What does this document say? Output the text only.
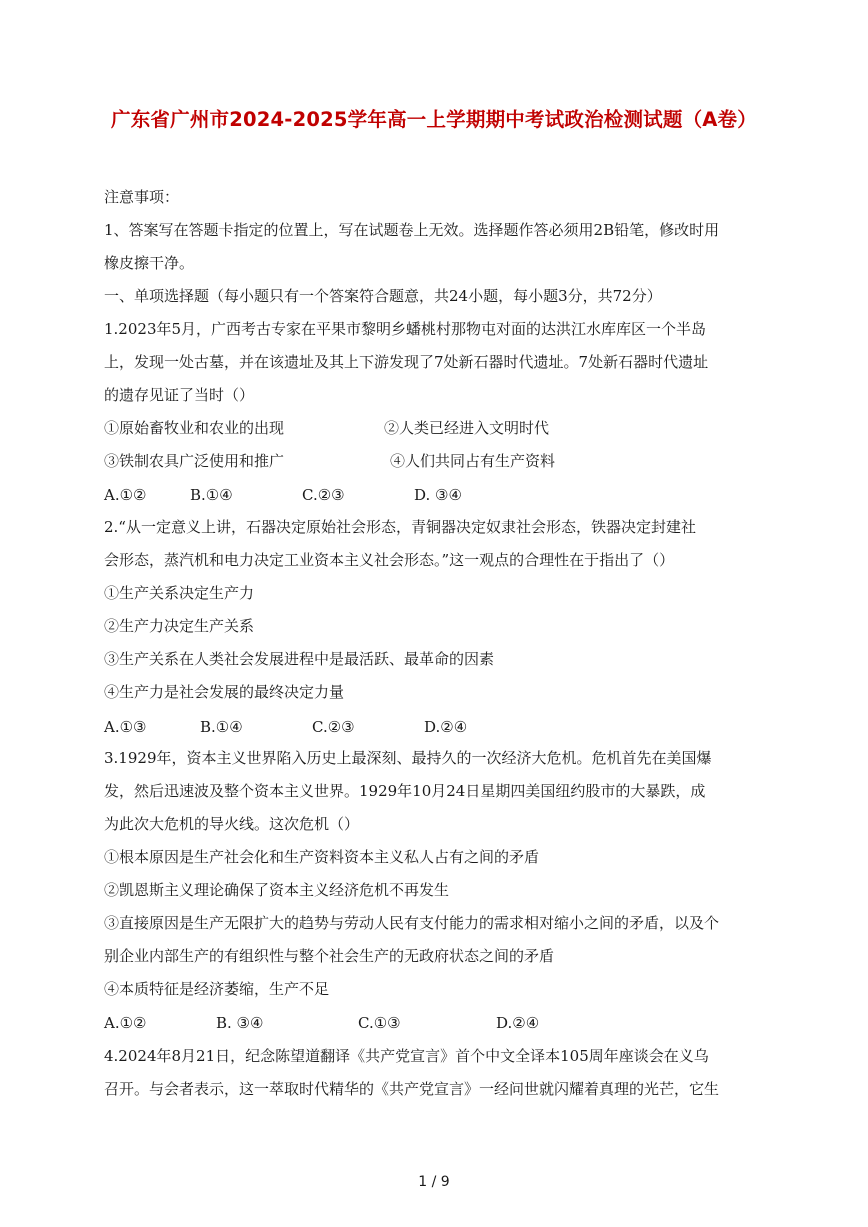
广东省广州市2024-2025学年高一上学期期中考试政治检测试题（A卷）
注意事项：
1、答案写在答题卡指定的位置上，写在试题卷上无效。选择题作答必须用2B铅笔，修改时用
橡皮擦干净。
一、单项选择题（每小题只有一个答案符合题意，共24小题，每小题3分，共72分）
1.2023年5月，广西考古专家在平果市黎明乡蟠桃村那物屯对面的达洪江水库库区一个半岛
上，发现一处古墓，并在该遗址及其上下游发现了7处新石器时代遗址。7处新石器时代遗址
的遗存见证了当时（）
①原始畜牧业和农业的出现	②人类已经进入文明时代
③铁制农具广泛使用和推广	④人们共同占有生产资料
A.①②	B.①④	C.②③	D. ③④
2.“从一定意义上讲，石器决定原始社会形态，青铜器决定奴隶社会形态，铁器决定封建社
会形态，蒸汽机和电力决定工业资本主义社会形态。”这一观点的合理性在于指出了（）
①生产关系决定生产力
②生产力决定生产关系
③生产关系在人类社会发展进程中是最活跃、最革命的因素
④生产力是社会发展的最终决定力量
A.①③	B.①④	C.②③	D.②④
3.1929年，资本主义世界陷入历史上最深刻、最持久的一次经济大危机。危机首先在美国爆
发，然后迅速波及整个资本主义世界。1929年10月24日星期四美国纽约股市的大暴跌，成
为此次大危机的导火线。这次危机（）
①根本原因是生产社会化和生产资料资本主义私人占有之间的矛盾
②凯恩斯主义理论确保了资本主义经济危机不再发生
③直接原因是生产无限扩大的趋势与劳动人民有支付能力的需求相对缩小之间的矛盾，以及个
别企业内部生产的有组织性与整个社会生产的无政府状态之间的矛盾
④本质特征是经济萎缩，生产不足
A.①②	B. ③④	C.①③	D.②④
4.2024年8月21日，纪念陈望道翻译《共产党宣言》首个中文全译本105周年座谈会在义乌
召开。与会者表示，这一萃取时代精华的《共产党宣言》一经问世就闪耀着真理的光芒，它生
1 / 9
